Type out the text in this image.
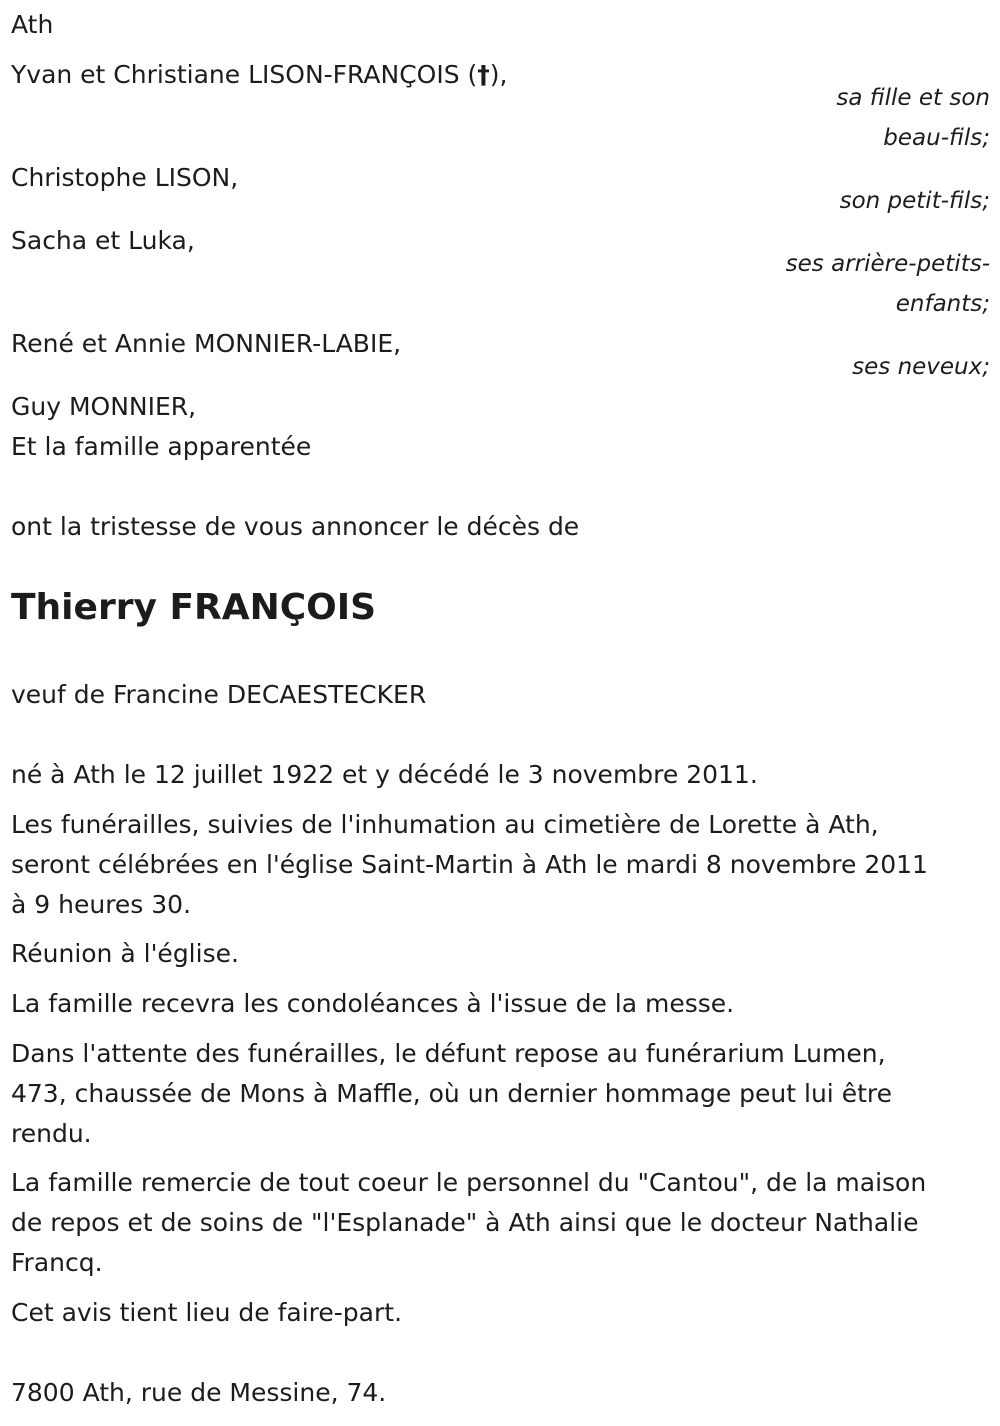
Ath
Yvan et Christiane LISON-FRANÇOIS (†),
sa fille et son
beau-fils;
Christophe LISON,
son petit-fils;
Sacha et Luka,
ses arrière-petits-
enfants;
René et Annie MONNIER-LABIE,
ses neveux;
Guy MONNIER,
Et la famille apparentée
ont la tristesse de vous annoncer le décès de
Thierry FRANÇOIS
veuf de Francine DECAESTECKER
né à Ath le 12 juillet 1922 et y décédé le 3 novembre 2011.
Les funérailles, suivies de l'inhumation au cimetière de Lorette à Ath,
seront célébrées en l'église Saint-Martin à Ath le mardi 8 novembre 2011
à 9 heures 30.
Réunion à l'église.
La famille recevra les condoléances à l'issue de la messe.
Dans l'attente des funérailles, le défunt repose au funérarium Lumen,
473, chaussée de Mons à Maffle, où un dernier hommage peut lui être
rendu.
La famille remercie de tout coeur le personnel du "Cantou", de la maison
de repos et de soins de "l'Esplanade" à Ath ainsi que le docteur Nathalie
Francq.
Cet avis tient lieu de faire-part.
7800 Ath, rue de Messine, 74.
